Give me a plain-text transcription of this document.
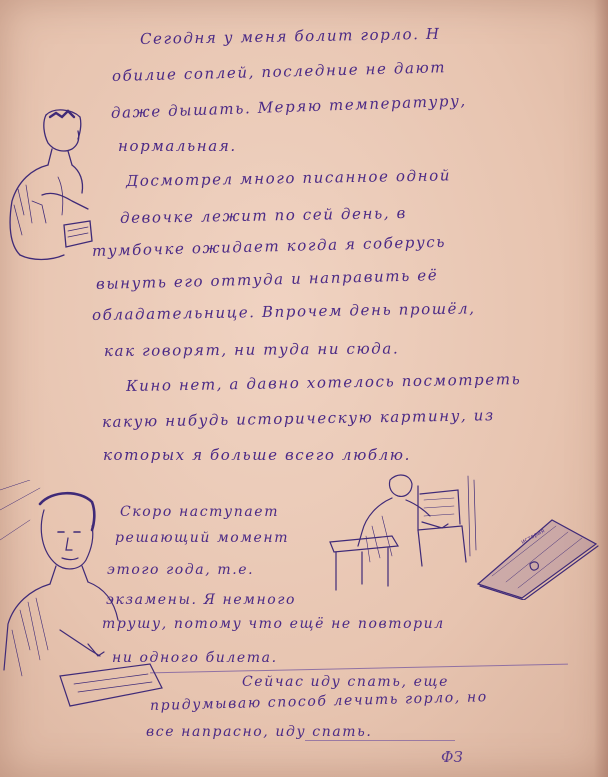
Сегодня у меня болит горло. Н
обилие соплей, последние не дают
даже дышать. Меряю температуру,
нормальная.
Досмотрел много писанное одной
девочке лежит по сей день, в
тумбочке ожидает когда я соберусь
вынуть его оттуда и направить её
обладательнице. Впрочем день прошёл,
как говорят, ни туда ни сюда.
Кино нет, а давно хотелось посмотреть
какую нибудь историческую картину, из
которых я больше всего люблю.
Скоро наступает
решающий момент
этого года, т.е.
экзамены. Я немного
трушу, потому что ещё не повторил
ни одного билета.
Сейчас иду спать, еще
придумываю способ лечить горло, но
все напрасно, иду спать.
история
ФЗ
